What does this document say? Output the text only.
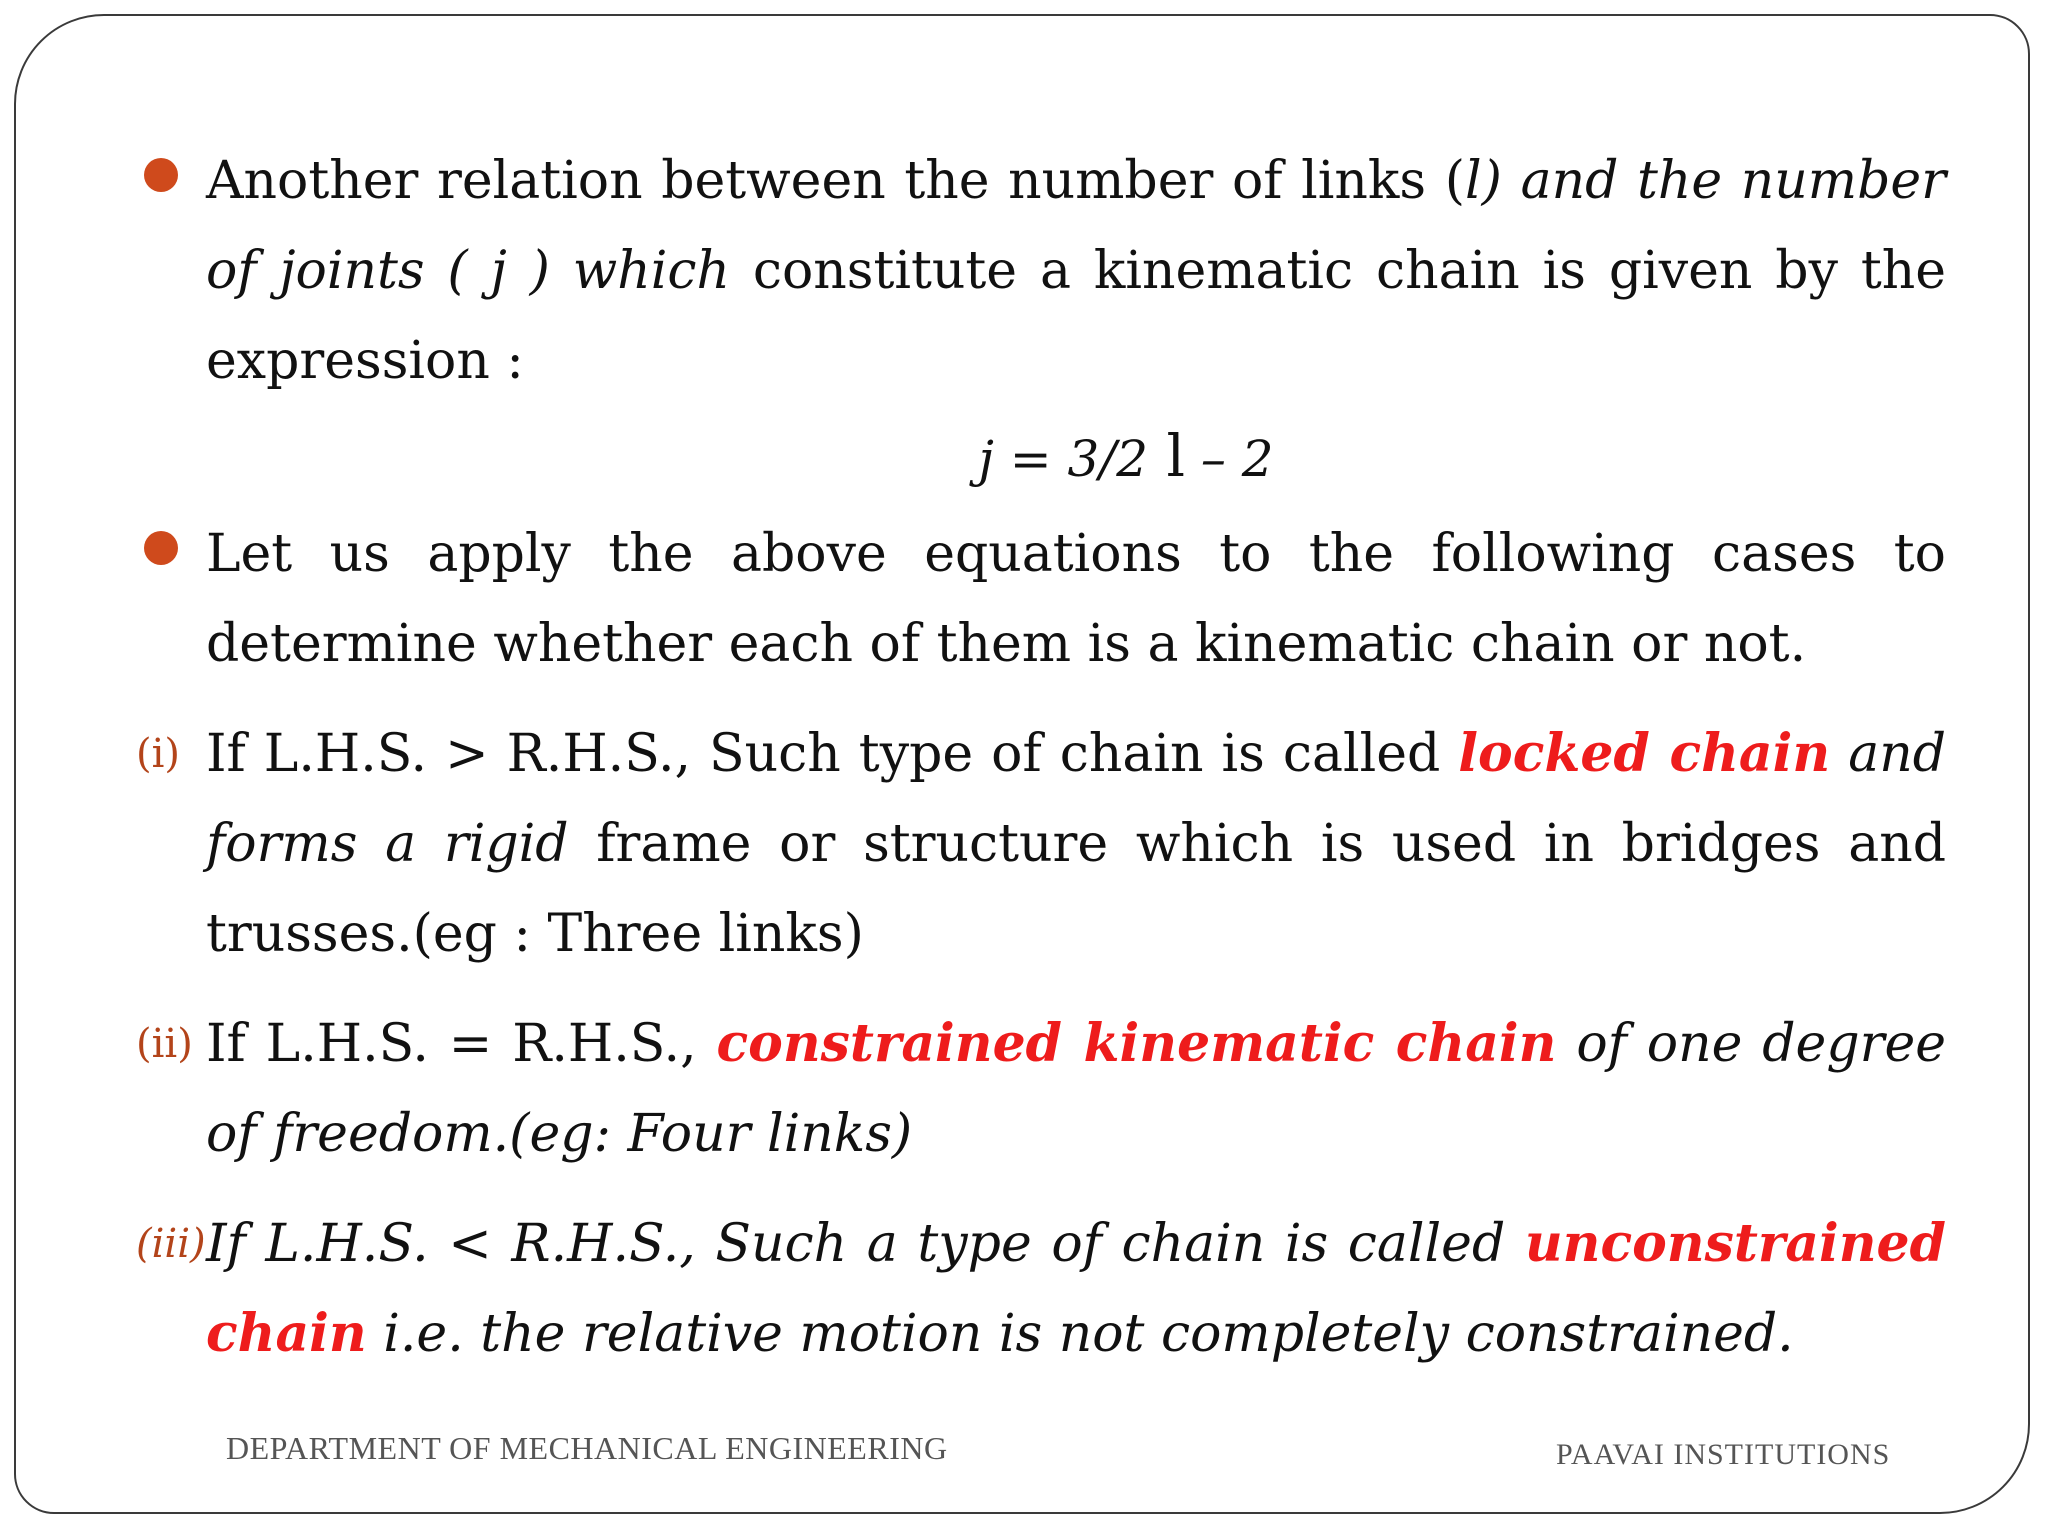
Another relation between the number of links (l) and the number of joints ( j ) which constitute a kinematic chain is given by the expression :

j = 3/2 l – 2

Let us apply the above equations to the following cases to determine whether each of them is a kinematic chain or not.

(i) If L.H.S. > R.H.S., Such type of chain is called locked chain and forms a rigid frame or structure which is used in bridges and trusses.(eg : Three links)

(ii) If L.H.S. = R.H.S., constrained kinematic chain of one degree of freedom.(eg: Four links)

(iii) If L.H.S. < R.H.S., Such a type of chain is called unconstrained chain i.e. the relative motion is not completely constrained.

DEPARTMENT OF MECHANICAL ENGINEERING	PAAVAI INSTITUTIONS
